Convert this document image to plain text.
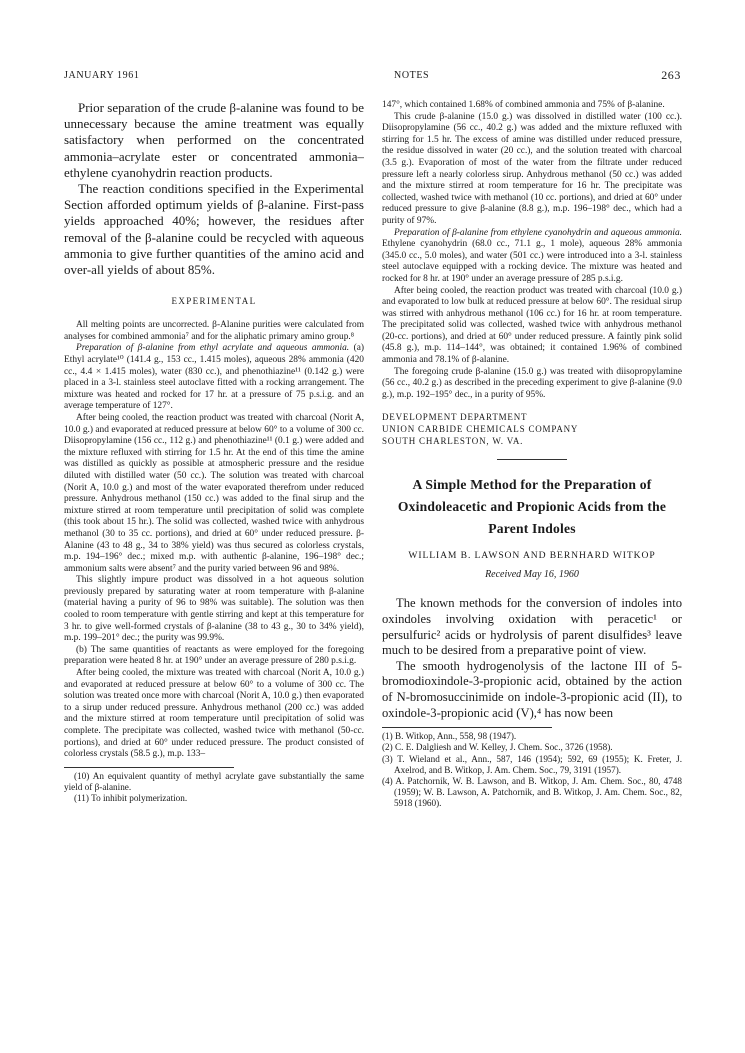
JANUARY 1961	NOTES	263

Prior separation of the crude β-alanine was found to be unnecessary because the amine treatment was equally satisfactory when performed on the concentrated ammonia–acrylate ester or concentrated ammonia–ethylene cyanohydrin reaction products.

The reaction conditions specified in the Experimental Section afforded optimum yields of β-alanine. First-pass yields approached 40%; however, the residues after removal of the β-alanine could be recycled with aqueous ammonia to give further quantities of the amino acid and over-all yields of about 85%.

EXPERIMENTAL

All melting points are uncorrected. β-Alanine purities were calculated from analyses for combined ammonia⁷ and for the aliphatic primary amino group.⁸

Preparation of β-alanine from ethyl acrylate and aqueous ammonia. (a) Ethyl acrylate¹⁰ (141.4 g., 153 cc., 1.415 moles), aqueous 28% ammonia (420 cc., 4.4 × 1.415 moles), water (830 cc.), and phenothiazine¹¹ (0.142 g.) were placed in a 3-l. stainless steel autoclave fitted with a rocking arrangement. The mixture was heated and rocked for 17 hr. at a pressure of 75 p.s.i.g. and an average temperature of 127°.

After being cooled, the reaction product was treated with charcoal (Norit A, 10.0 g.) and evaporated at reduced pressure at below 60° to a volume of 300 cc. Diisopropylamine (156 cc., 112 g.) and phenothiazine¹¹ (0.1 g.) were added and the mixture refluxed with stirring for 1.5 hr. At the end of this time the amine was distilled as quickly as possible at atmospheric pressure and the residue diluted with distilled water (50 cc.). The solution was treated with charcoal (Norit A, 10.0 g.) and most of the water evaporated therefrom under reduced pressure. Anhydrous methanol (150 cc.) was added to the final sirup and the mixture stirred at room temperature until precipitation of solid was complete (this took about 15 hr.). The solid was collected, washed twice with anhydrous methanol (30 to 35 cc. portions), and dried at 60° under reduced pressure. β-Alanine (43 to 48 g., 34 to 38% yield) was thus secured as colorless crystals, m.p. 194–196° dec.; mixed m.p. with authentic β-alanine, 196–198° dec.; ammonium salts were absent⁷ and the purity varied between 96 and 98%.

This slightly impure product was dissolved in a hot aqueous solution previously prepared by saturating water at room temperature with β-alanine (material having a purity of 96 to 98% was suitable). The solution was then cooled to room temperature with gentle stirring and kept at this temperature for 3 hr. to give well-formed crystals of β-alanine (38 to 43 g., 30 to 34% yield), m.p. 199–201° dec.; the purity was 99.9%.

(b) The same quantities of reactants as were employed for the foregoing preparation were heated 8 hr. at 190° under an average pressure of 280 p.s.i.g.

After being cooled, the mixture was treated with charcoal (Norit A, 10.0 g.) and evaporated at reduced pressure at below 60° to a volume of 300 cc. The solution was treated once more with charcoal (Norit A, 10.0 g.) then evaporated to a sirup under reduced pressure. Anhydrous methanol (200 cc.) was added and the mixture stirred at room temperature until precipitation of solid was complete. The precipitate was collected, washed twice with methanol (50-cc. portions), and dried at 60° under reduced pressure. The product consisted of colorless crystals (58.5 g.), m.p. 133–

(10) An equivalent quantity of methyl acrylate gave substantially the same yield of β-alanine.

(11) To inhibit polymerization.

147°, which contained 1.68% of combined ammonia and 75% of β-alanine.

This crude β-alanine (15.0 g.) was dissolved in distilled water (100 cc.). Diisopropylamine (56 cc., 40.2 g.) was added and the mixture refluxed with stirring for 1.5 hr. The excess of amine was distilled under reduced pressure, the residue dissolved in water (20 cc.), and the solution treated with charcoal (3.5 g.). Evaporation of most of the water from the filtrate under reduced pressure left a nearly colorless sirup. Anhydrous methanol (50 cc.) was added and the mixture stirred at room temperature for 16 hr. The precipitate was collected, washed twice with methanol (10 cc. portions), and dried at 60° under reduced pressure to give β-alanine (8.8 g.), m.p. 196–198° dec., which had a purity of 97%.

Preparation of β-alanine from ethylene cyanohydrin and aqueous ammonia. Ethylene cyanohydrin (68.0 cc., 71.1 g., 1 mole), aqueous 28% ammonia (345.0 cc., 5.0 moles), and water (501 cc.) were introduced into a 3-l. stainless steel autoclave equipped with a rocking device. The mixture was heated and rocked for 8 hr. at 190° under an average pressure of 285 p.s.i.g.

After being cooled, the reaction product was treated with charcoal (10.0 g.) and evaporated to low bulk at reduced pressure at below 60°. The residual sirup was stirred with anhydrous methanol (106 cc.) for 16 hr. at room temperature. The precipitated solid was collected, washed twice with anhydrous methanol (20-cc. portions), and dried at 60° under reduced pressure. A faintly pink solid (45.8 g.), m.p. 114–144°, was obtained; it contained 1.96% of combined ammonia and 78.1% of β-alanine.

The foregoing crude β-alanine (15.0 g.) was treated with diisopropylamine (56 cc., 40.2 g.) as described in the preceding experiment to give β-alanine (9.0 g.), m.p. 192–195° dec., in a purity of 95%.

DEVELOPMENT DEPARTMENT
UNION CARBIDE CHEMICALS COMPANY
SOUTH CHARLESTON, W. VA.
A Simple Method for the Preparation of
Oxindoleacetic and Propionic Acids from the
Parent Indoles
WILLIAM B. LAWSON AND BERNHARD WITKOP
Received May 16, 1960

The known methods for the conversion of indoles into oxindoles involving oxidation with peracetic¹ or persulfuric² acids or hydrolysis of parent disulfides³ leave much to be desired from a preparative point of view.

The smooth hydrogenolysis of the lactone III of 5-bromodioxindole-3-propionic acid, obtained by the action of N-bromosuccinimide on indole-3-propionic acid (II), to oxindole-3-propionic acid (V),⁴ has now been

(1) B. Witkop, Ann., 558, 98 (1947).

(2) C. E. Dalgliesh and W. Kelley, J. Chem. Soc., 3726 (1958).

(3) T. Wieland et al., Ann., 587, 146 (1954); 592, 69 (1955); K. Freter, J. Axelrod, and B. Witkop, J. Am. Chem. Soc., 79, 3191 (1957).

(4) A. Patchornik, W. B. Lawson, and B. Witkop, J. Am. Chem. Soc., 80, 4748 (1959); W. B. Lawson, A. Patchornik, and B. Witkop, J. Am. Chem. Soc., 82, 5918 (1960).
